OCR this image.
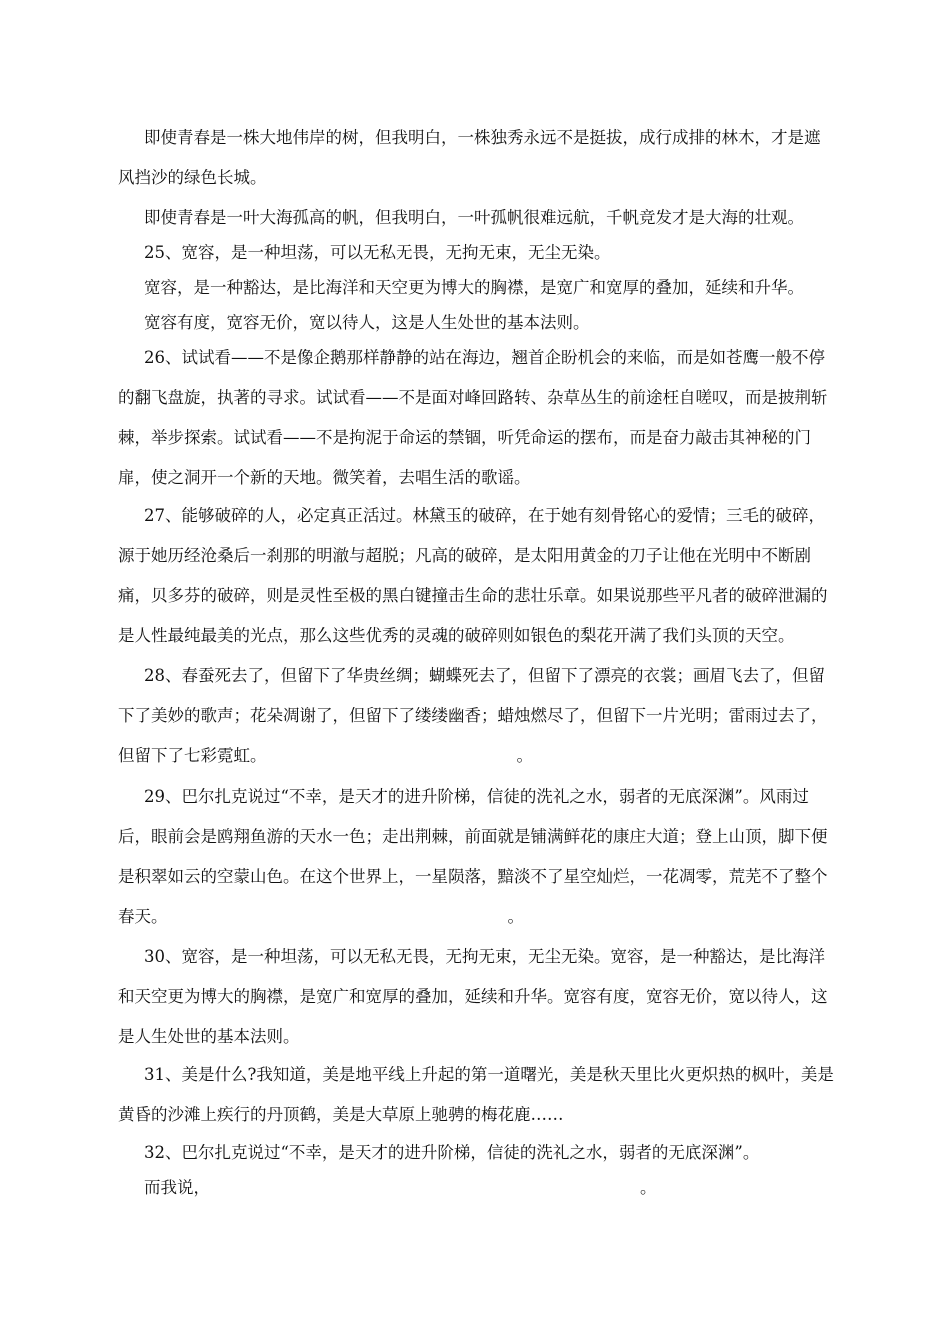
即使青春是一株大地伟岸的树，但我明白，一株独秀永远不是挺拔，成行成排的林木，才是遮风挡沙的绿色长城。

即使青春是一叶大海孤高的帆，但我明白，一叶孤帆很难远航，千帆竞发才是大海的壮观。

25、宽容，是一种坦荡，可以无私无畏，无拘无束，无尘无染。

宽容，是一种豁达，是比海洋和天空更为博大的胸襟，是宽广和宽厚的叠加，延续和升华。

宽容有度，宽容无价，宽以待人，这是人生处世的基本法则。

26、试试看——不是像企鹅那样静静的站在海边，翘首企盼机会的来临，而是如苍鹰一般不停的翻飞盘旋，执著的寻求。试试看——不是面对峰回路转、杂草丛生的前途枉自嗟叹，而是披荆斩棘，举步探索。试试看——不是拘泥于命运的禁锢，听凭命运的摆布，而是奋力敲击其神秘的门扉，使之洞开一个新的天地。微笑着，去唱生活的歌谣。

27、能够破碎的人，必定真正活过。林黛玉的破碎，在于她有刻骨铭心的爱情；三毛的破碎，源于她历经沧桑后一刹那的明澈与超脱；凡高的破碎，是太阳用黄金的刀子让他在光明中不断剧痛，贝多芬的破碎，则是灵性至极的黑白键撞击生命的悲壮乐章。如果说那些平凡者的破碎泄漏的是人性最纯最美的光点，那么这些优秀的灵魂的破碎则如银色的梨花开满了我们头顶的天空。

28、春蚕死去了，但留下了华贵丝绸；蝴蝶死去了，但留下了漂亮的衣裳；画眉飞去了，但留下了美妙的歌声；花朵凋谢了，但留下了缕缕幽香；蜡烛燃尽了，但留下一片光明；雷雨过去了，但留下了七彩霓虹。	。

29、巴尔扎克说过“不幸，是天才的进升阶梯，信徒的洗礼之水，弱者的无底深渊”。风雨过后，眼前会是鸥翔鱼游的天水一色；走出荆棘，前面就是铺满鲜花的康庄大道；登上山顶，脚下便是积翠如云的空蒙山色。在这个世界上，一星陨落，黯淡不了星空灿烂，一花凋零，荒芜不了整个春天。	。

30、宽容，是一种坦荡，可以无私无畏，无拘无束，无尘无染。宽容，是一种豁达，是比海洋和天空更为博大的胸襟，是宽广和宽厚的叠加，延续和升华。宽容有度，宽容无价，宽以待人，这是人生处世的基本法则。

31、美是什么?我知道，美是地平线上升起的第一道曙光，美是秋天里比火更炽热的枫叶，美是黄昏的沙滩上疾行的丹顶鹤，美是大草原上驰骋的梅花鹿……

32、巴尔扎克说过“不幸，是天才的进升阶梯，信徒的洗礼之水，弱者的无底深渊”。

而我说，	。
